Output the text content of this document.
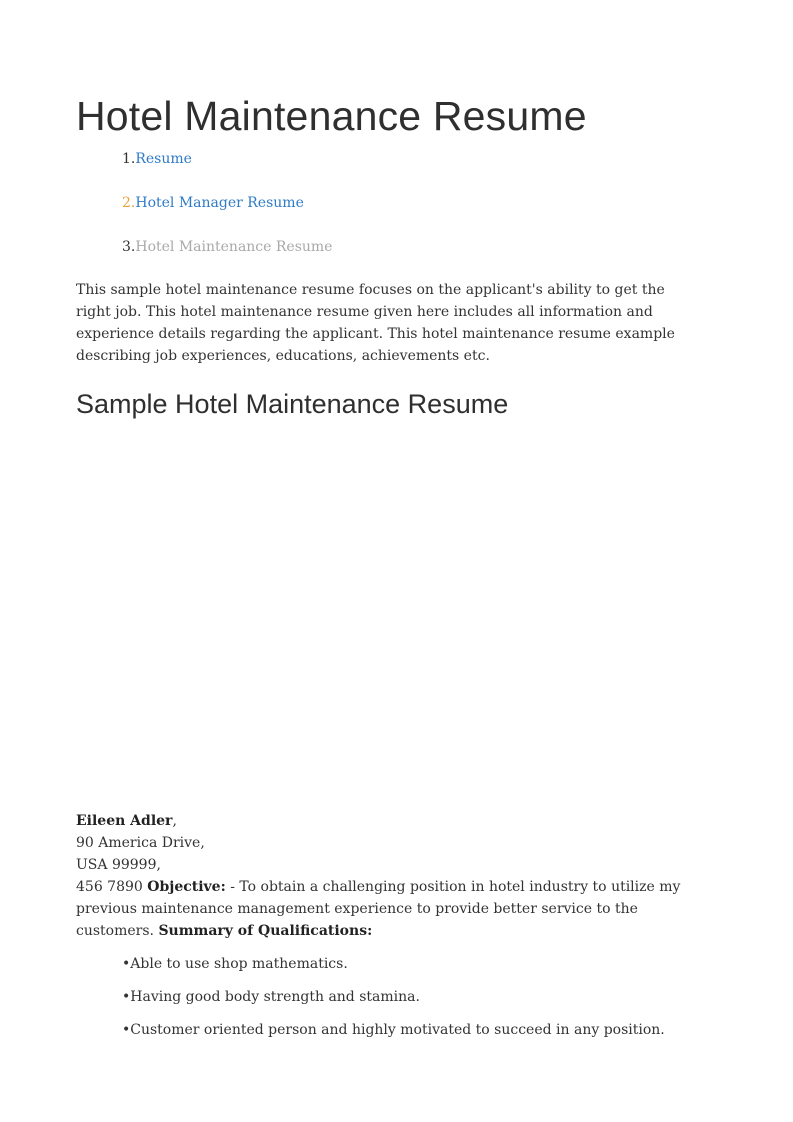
Hotel Maintenance Resume
1.Resume
2.Hotel Manager Resume
3.Hotel Maintenance Resume

This sample hotel maintenance resume focuses on the applicant's ability to get the right job. This hotel maintenance resume given here includes all information and experience details regarding the applicant. This hotel maintenance resume example describing job experiences, educations, achievements etc.

Sample Hotel Maintenance Resume

Eileen Adler,
90 America Drive,
USA 99999,
456 7890 Objective: - To obtain a challenging position in hotel industry to utilize my previous maintenance management experience to provide better service to the customers. Summary of Qualifications:

•Able to use shop mathematics.
•Having good body strength and stamina.
•Customer oriented person and highly motivated to succeed in any position.
